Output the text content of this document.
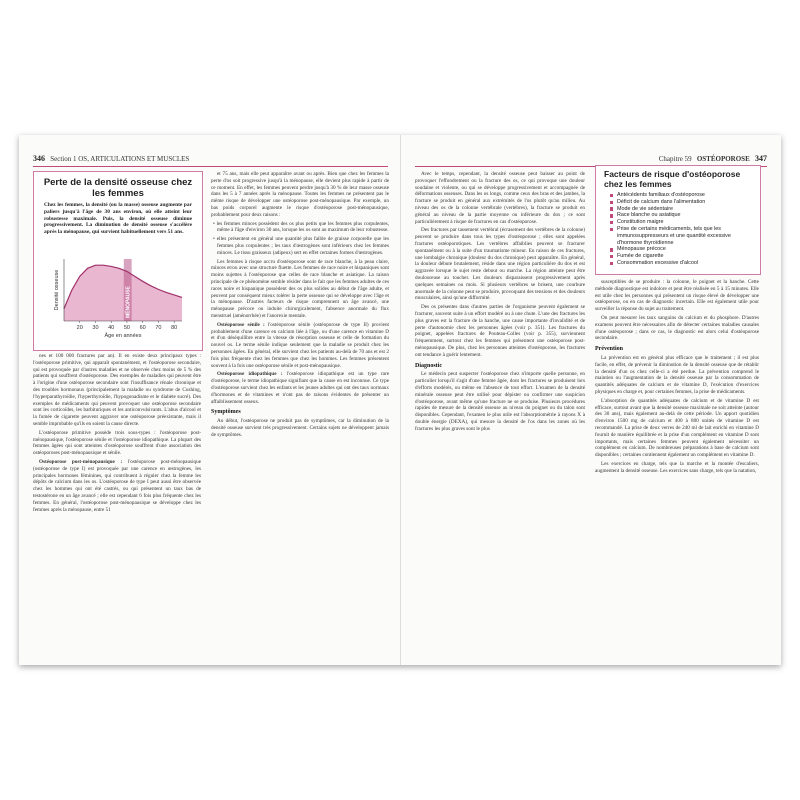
346 Section 1 OS, ARTICULATIONS ET MUSCLES
Perte de la densité osseuse chez les femmes
Chez les femmes, la densité (ou la masse) osseuse augmente par paliers jusqu'à l'âge de 30 ans environ, où elle atteint leur robustesse maximale. Puis, la densité osseuse diminue progressivement. La diminution de densité osseuse s'accélère après la ménopause, qui survient habituellement vers 51 ans.
MÉNOPAUSE
20 30 40 50 60 70 80
Âge en années
Densité osseuse

nes et 100 000 fractures par an). Il en existe deux principaux types : l'ostéoporose primitive, qui apparaît spontanément, et l'ostéoporose secondaire, qui est provoquée par d'autres maladies et ne observée chez moins de 5 % des patients qui souffrent d'ostéoporose. Des exemples de maladies qui peuvent être à l'origine d'une ostéoporose secondaire sont l'insuffisance rénale chronique et des troubles hormonaux (principalement la maladie ou syndrome de Cushing, l'hyperparathyroïdie, l'hyperthyroïdie, l'hypogonadisme et le diabète sucré). Des exemples de médicaments qui peuvent provoquer une ostéoporose secondaire sont les corticoïdes, les barbituriques et les anticonvulsivants. L'abus d'alcool et la fumée de cigarette peuvent aggraver une ostéoporose préexistante, mais il semble improbable qu'ils en soient la cause directe.

L'ostéoporose primitive possède trois sous-types : l'ostéoporose post-ménopausique, l'ostéoporose sénile et l'ostéoporose idiopathique. La plupart des femmes âgées qui sont atteintes d'ostéoporose souffrent d'une association des ostéoporoses post-ménopausique et sénile.

Ostéoporose post-ménopausique : l'ostéoporose post-ménopausique (ostéoporose de type I) est provoquée par une carence en œstrogènes, les principales hormones féminines, qui contribuent à réguler chez la femme les dépôts de calcium dans les os. L'ostéoporose de type I peut aussi être observée chez les hommes qui ont été castrés, ou qui présentent un taux bas de testostérone en un âge avancé ; elle est cependant 6 fois plus fréquente chez les femmes. En général, l'ostéoporose post-ménopausique se développe chez les femmes après la ménopause, entre 51

et 75 ans, mais elle peut apparaître avant ou après. Bien que chez les femmes la perte d'os soit progressive jusqu'à la ménopause, elle devient plus rapide à partir de ce moment. En effet, les femmes peuvent perdre jusqu'à 30 % de leur masse osseuse dans les 5 à 7 années après la ménopause. Toutes les femmes ne présentent pas le même risque de développer une ostéoporose post-ménopausique. Par exemple, un bas poids corporel augmente le risque d'ostéoporose post-ménopausique, probablement pour deux raisons :

• les femmes minces possèdent des os plus petits que les femmes plus corpulentes, même à l'âge d'environ 30 ans, lorsque les os sont au maximum de leur robustesse.

• elles présentent en général une quantité plus faible de graisse corporelle que les femmes plus corpulentes ; les taux d'œstrogènes sont inférieurs chez les femmes minces. Le tissu graisseux (adipeux) sert en effet certaines formes d'œstrogènes.

Les femmes à risque accru d'ostéoporose sont de race blanche, à la peau claire, minces et/ou avec une structure fluette. Les femmes de race noire et hispaniques sont moins sujettes à l'ostéoporose que celles de race blanche et asiatique. La raison principale de ce phénomène semble résider dans le fait que les femmes adultes de ces races noire et hispanique possèdent des os plus solides au début de l'âge adulte, et peuvent par conséquent mieux tolérer la perte osseuse qui se développe avec l'âge et la ménopause. D'autres facteurs de risque comprennent un âge avancé, une ménopause précoce ou induite chirurgicalement, l'absence anormale du flux menstruel (aménorrhée) et l'anorexie mentale.

Ostéoporose sénile : l'ostéoporose sénile (ostéoporose de type II) provient probablement d'une carence en calcium liée à l'âge, ou d'une carence en vitamine D et d'un déséquilibre entre la vitesse de résorption osseuse et celle de formation du nouvel os. Le terme sénile indique seulement que la maladie se produit chez les personnes âgées. En général, elle survient chez les patients au-delà de 70 ans et est 2 fois plus fréquente chez les femmes que chez les hommes. Les femmes présentent souvent à la fois une ostéoporose sénile et post-ménopausique.

Ostéoporose idiopathique : l'ostéoporose idiopathique est un type rare d'ostéoporose, le terme idiopathique signifiant que la cause en est inconnue. Ce type d'ostéoporose survient chez les enfants et les jeunes adultes qui ont des taux normaux d'hormones et de vitamines et n'ont pas de raisons évidentes de présenter un affaiblissement osseux.

Symptômes

Au début, l'ostéoporose ne produit pas de symptômes, car la diminution de la densité osseuse survient très progressivement. Certains sujets ne développent jamais de symptômes.

Chapitre 59 OSTÉOPOROSE 347

Avec le temps, cependant, la densité osseuse peut baisser au point de provoquer l'effondrement ou la fracture des os, ce qui provoque une douleur soudaine et violente, ou qui se développe progressivement et accompagnée de déformations osseuses. Dans les os longs, comme ceux des bras et des jambes, la fracture se produit en général aux extrémités de l'os plutôt qu'au milieu. Au niveau des os de la colonne vertébrale (vertèbres), la fracture se produit en général au niveau de la partie moyenne ou inférieure du dos ; ce sont particulièrement à risque de fractures en cas d'ostéoporose.

Des fractures par tassement vertébral (écrasement des vertèbres de la colonne) peuvent se produire dans tous les types d'ostéoporose ; elles sont appelées fractures ostéoporotiques. Les vertèbres affaiblies peuvent se fracturer spontanément ou à la suite d'un traumatisme mineur. En raison de ces fractures, une lombalgie chronique (douleur du dos chronique) peut apparaître. En général, la douleur débute brutalement, réside dans une région particulière du dos et est aggravée lorsque le sujet reste debout ou marche. La région atteinte peut être douloureuse au toucher. Les douleurs disparaissent progressivement après quelques semaines ou mois. Si plusieurs vertèbres se brisent, une courbure anormale de la colonne peut se produire, provoquant des tensions et des douleurs musculaires, ainsi qu'une difformité.

Des os présentes dans d'autres parties de l'organisme peuvent également se fracturer, souvent suite à un effort modéré ou à une chute. L'une des fractures les plus graves est la fracture de la hanche, une cause importante d'invalidité et de perte d'autonomie chez les personnes âgées (voir p. 351). Les fractures du poignet, appelées fractures de Pouteau-Colles (voir p. 355), surviennent fréquemment, surtout chez les femmes qui présentent une ostéoporose post-ménopausique. De plus, chez les personnes atteintes d'ostéoporose, les fractures ont tendance à guérir lentement.

Diagnostic

Le médecin peut suspecter l'ostéoporose chez n'importe quelle personne, en particulier lorsqu'il s'agit d'une femme âgée, dont les fractures se produisent lors d'efforts modérés, ou même en l'absence de tout effort. L'examen de la densité minérale osseuse peut être utilisé pour dépister ou confirmer une suspicion d'ostéoporose, avant même qu'une fracture ne se produise. Plusieurs procédures rapides de mesure de la densité osseuse au niveau du poignet ou du talon sont disponibles. Cependant, l'examen le plus utile est l'absorptiométrie à rayons X à double énergie (DEXA), qui mesure la densité de l'os dans les zones où les fractures les plus graves sont le plus

Facteurs de risque d'ostéoporose chez les femmes
Antécédents familiaux d'ostéoporose
Déficit de calcium dans l'alimentation
Mode de vie sédentaire
Race blanche ou asiatique
Constitution maigre
Prise de certains médicaments, tels que les immunosuppresseurs et une quantité excessive d'hormone thyroïdienne
Ménopause précoce
Fumée de cigarette
Consommation excessive d'alcool

susceptibles de se produire : la colonne, le poignet et la hanche. Cette méthode diagnostique est indolore et peut être réalisée en 5 à 15 minutes. Elle est utile chez les personnes qui présentent un risque élevé de développer une ostéoporose, ou en cas de diagnostic incertain. Elle est également utile pour surveiller la réponse du sujet au traitement.

On peut mesurer les taux sanguins du calcium et du phosphore. D'autres examens peuvent être nécessaires afin de détecter certaines maladies causales d'une ostéoporose ; dans ce cas, le diagnostic est alors celui d'ostéoporose secondaire.

Prévention

La prévention est en général plus efficace que le traitement ; il est plus facile, en effet, de prévenir la diminution de la densité osseuse que de rétablir la densité d'un os chez celle-ci a été perdue. La prévention comprend le maintien ou l'augmentation de la densité osseuse par la consommation de quantités adéquates de calcium et de vitamine D, l'exécution d'exercices physiques en charge et, pour certaines femmes, la prise de médicaments.

L'absorption de quantités adéquates de calcium et de vitamine D est efficace, surtout avant que la densité osseuse maximale ne soit atteinte (autour des 30 ans), mais également au-delà de cette période. Un apport quotidien d'environ 1500 mg de calcium et 400 à 800 unités de vitamine D est recommandé. La prise de deux verres de 240 ml de lait enrichi en vitamine D fournit de manière équilibrée et la prise d'un complément en vitamine D sont importants, mais certaines femmes peuvent également nécessiter un complément en calcium. De nombreuses préparations à base de calcium sont disponibles ; certaines contiennent également un complément en vitamine D.

Les exercices en charge, tels que la marche et la montée d'escaliers, augmentent la densité osseuse. Les exercices sans charge, tels que la natation,
